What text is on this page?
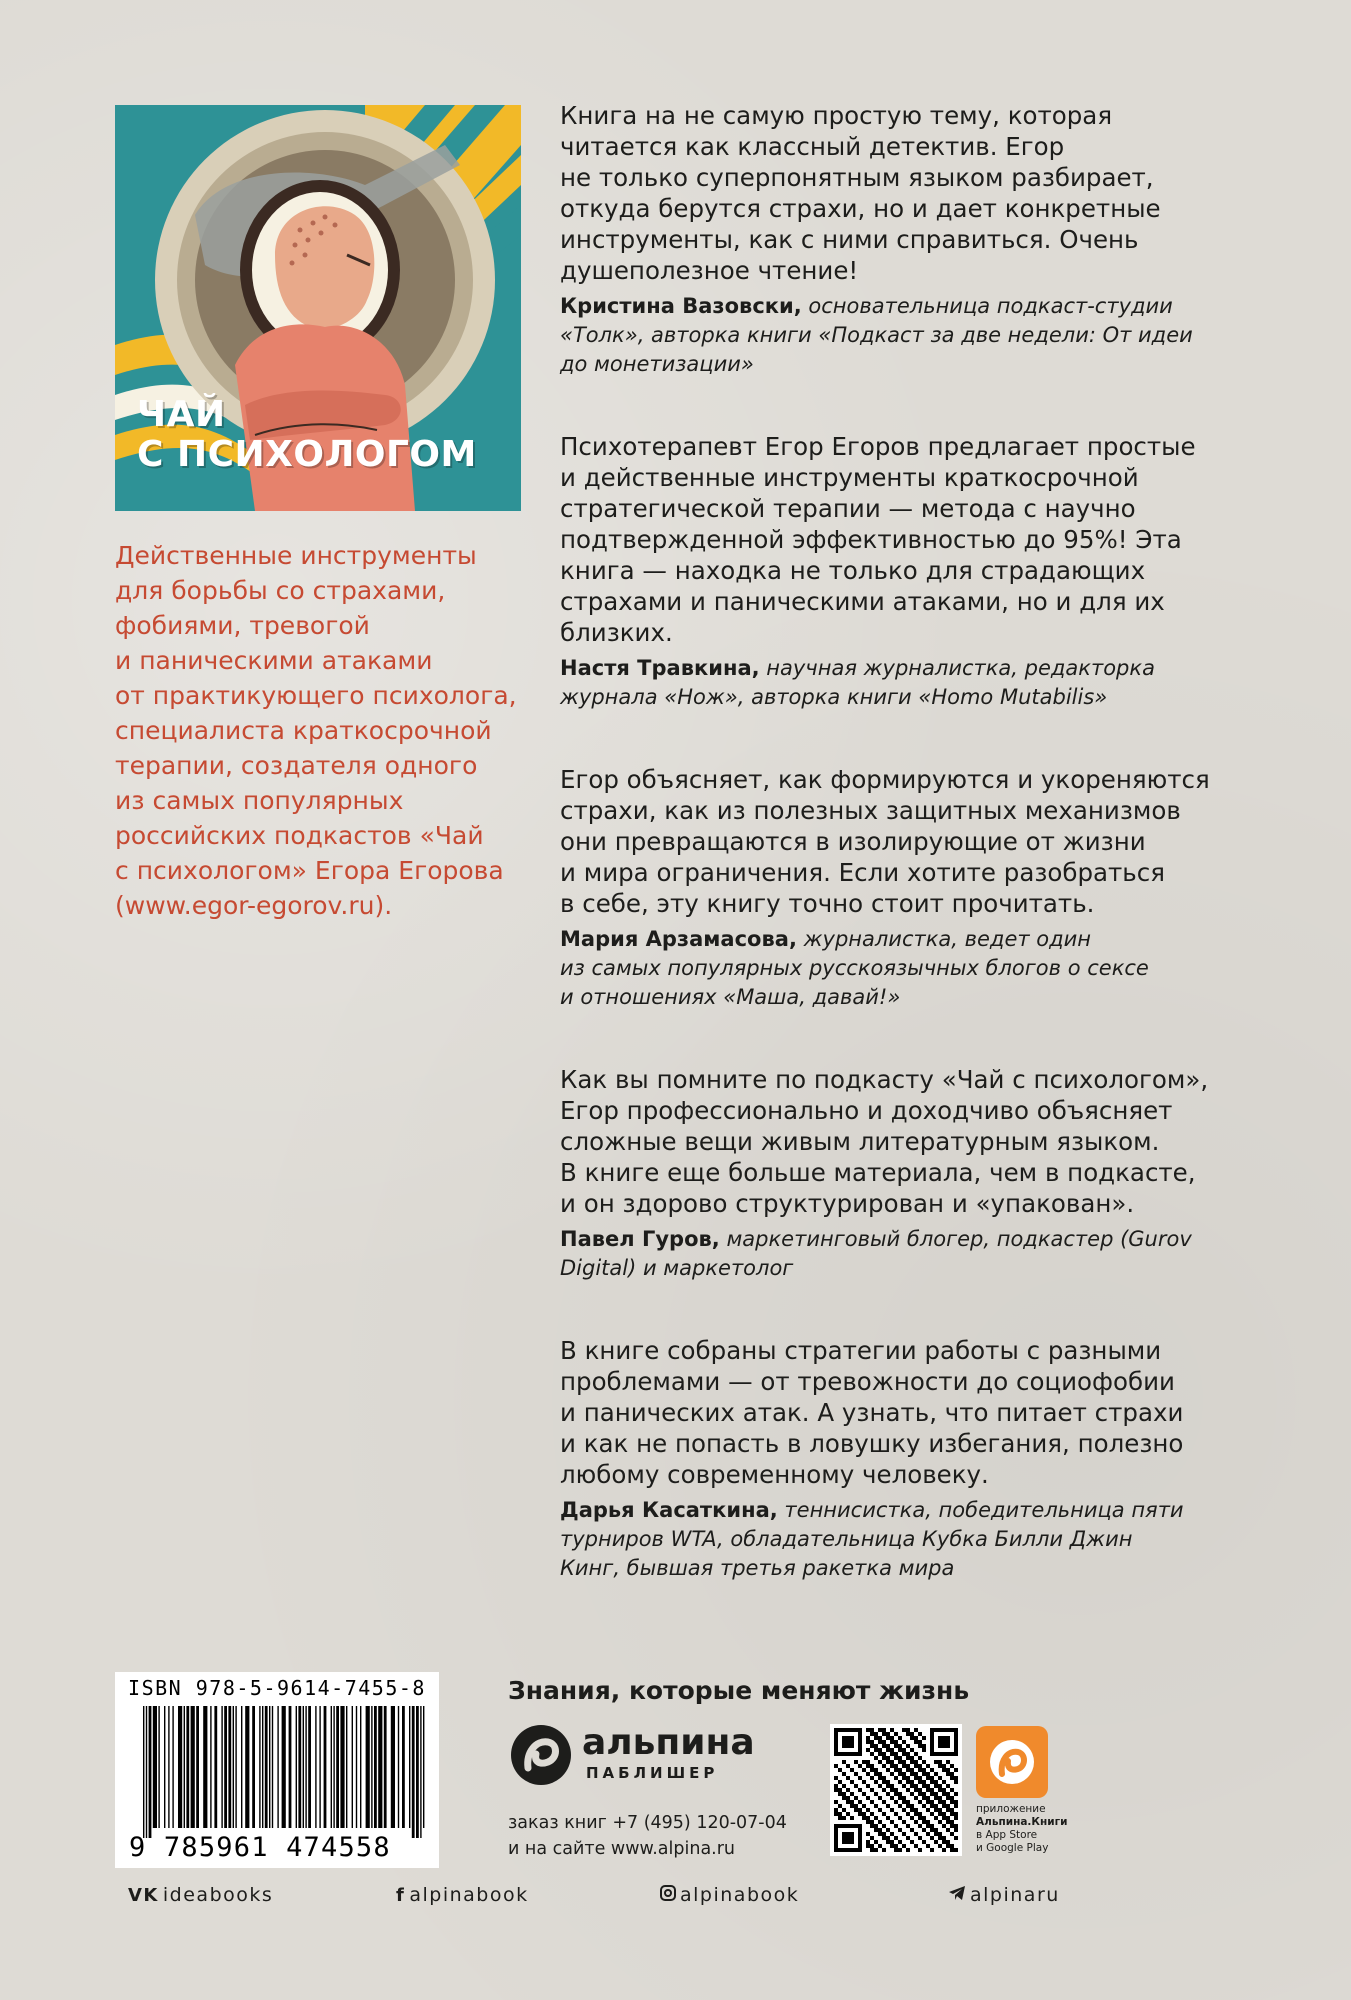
ЧАЙ
С ПСИХОЛОГОМ
Действенные инструменты
для борьбы со страхами,
фобиями, тревогой
и паническими атаками
от практикующего психолога,
специалиста краткосрочной
терапии, создателя одного
из самых популярных
российских подкастов «Чай
с психологом» Егора Егорова
(www.egor-egorov.ru).

Книга на не самую простую тему, которая
читается как классный детектив. Егор
не только суперпонятным языком разбирает,
откуда берутся страхи, но и дает конкретные
инструменты, как с ними справиться. Очень
душеполезное чтение!

Кристина Вазовски, основательница подкаст-студии
«Толк», авторка книги «Подкаст за две недели: От идеи
до монетизации»

Психотерапевт Егор Егоров предлагает простые
и действенные инструменты краткосрочной
стратегической терапии — метода с научно
подтвержденной эффективностью до 95%! Эта
книга — находка не только для страдающих
страхами и паническими атаками, но и для их
близких.

Настя Травкина, научная журналистка, редакторка
журнала «Нож», авторка книги «Homo Mutabilis»

Егор объясняет, как формируются и укореняются
страхи, как из полезных защитных механизмов
они превращаются в изолирующие от жизни
и мира ограничения. Если хотите разобраться
в себе, эту книгу точно стоит прочитать.

Мария Арзамасова, журналистка, ведет один
из самых популярных русскоязычных блогов о сексе
и отношениях «Маша, давай!»

Как вы помните по подкасту «Чай с психологом»,
Егор профессионально и доходчиво объясняет
сложные вещи живым литературным языком.
В книге еще больше материала, чем в подкасте,
и он здорово структурирован и «упакован».

Павел Гуров, маркетинговый блогер, подкастер (Gurov
Digital) и маркетолог

В книге собраны стратегии работы с разными
проблемами — от тревожности до социофобии
и панических атак. А узнать, что питает страхи
и как не попасть в ловушку избегания, полезно
любому современному человеку.

Дарья Касаткина, теннисистка, победительница пяти
турниров WTA, обладательница Кубка Билли Джин
Кинг, бывшая третья ракетка мира

ISBN 978-5-9614-7455-8
9 785961 474558
Знания, которые меняют жизнь
альпина
ПАБЛИШЕР
заказ книг +7 (495) 120-07-04
и на сайте www.alpina.ru
приложение
Альпина.Книги
в App Store
и Google Play
VK ideabooks	f alpinabook	alpinabook	alpinaru
